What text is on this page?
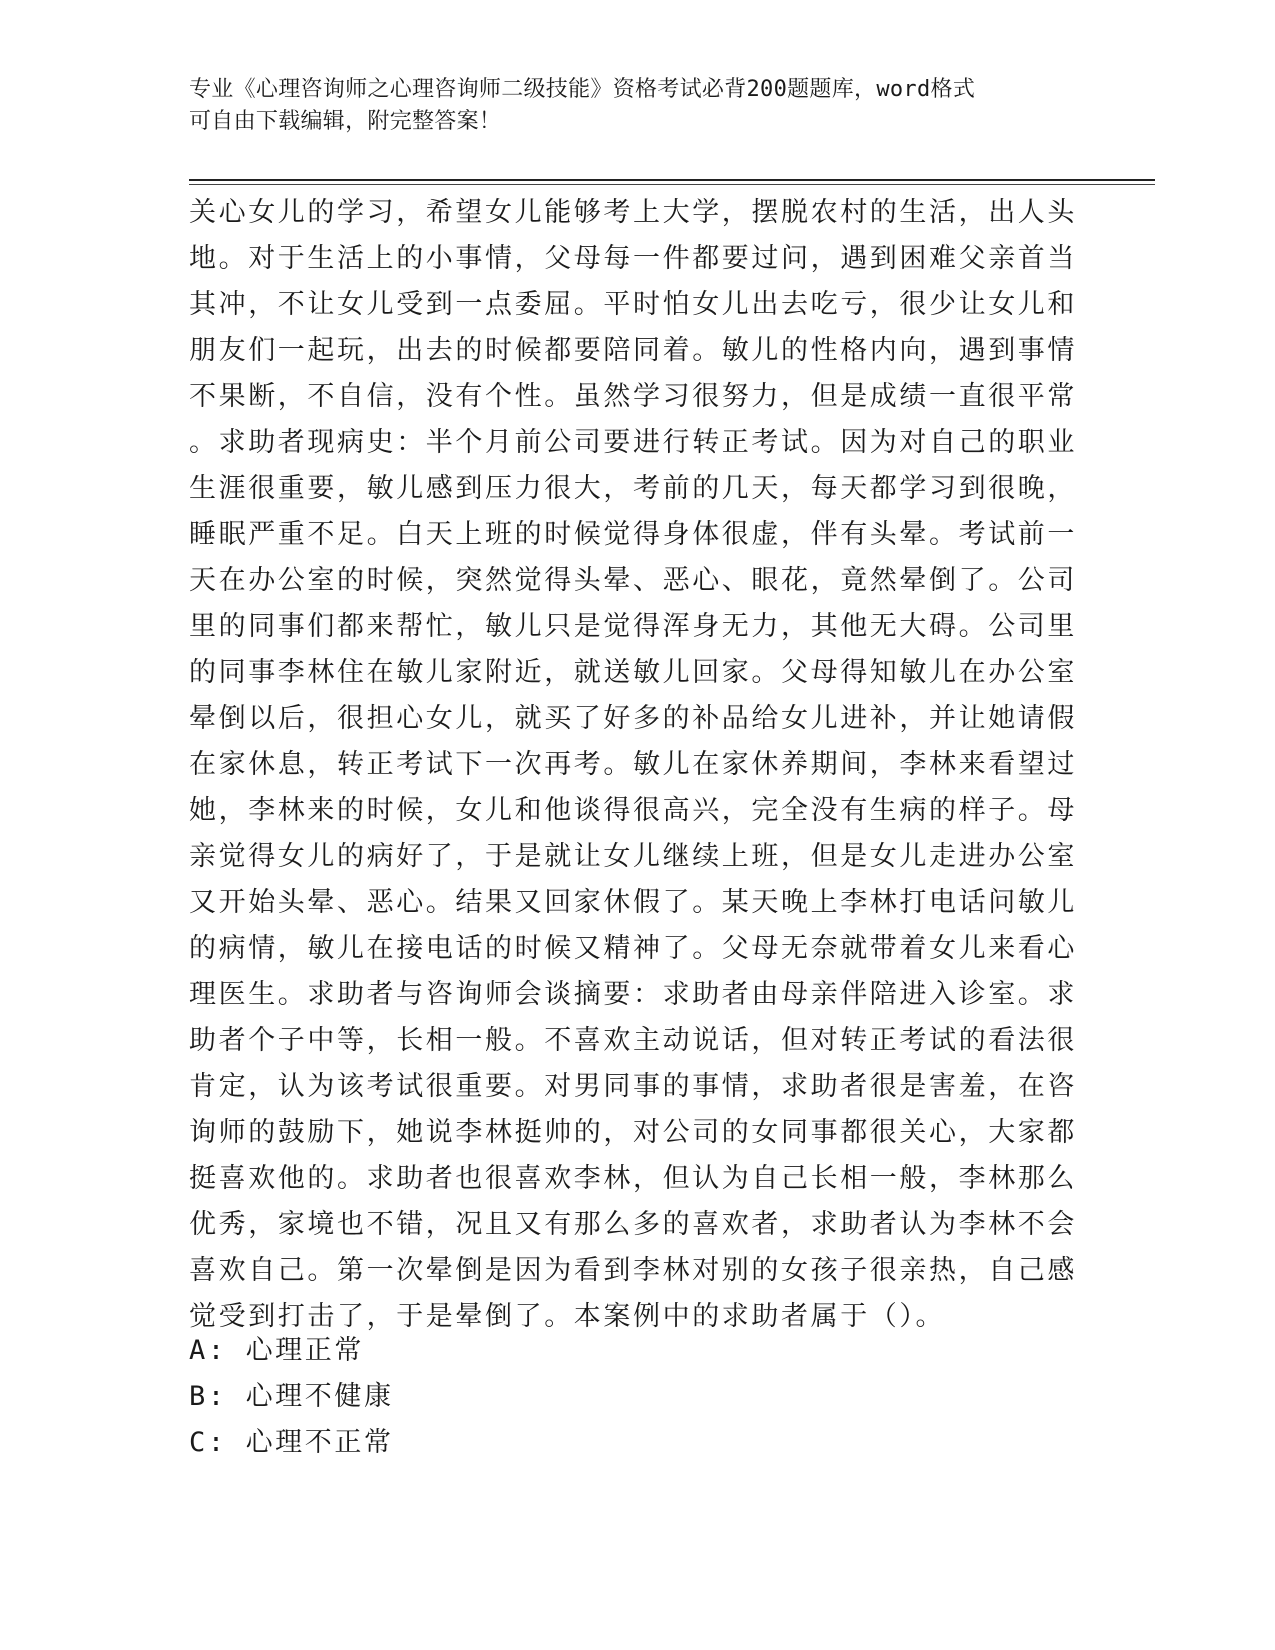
专业《心理咨询师之心理咨询师二级技能》资格考试必背200题题库，word格式
可自由下载编辑，附完整答案！
关心女儿的学习，希望女儿能够考上大学，摆脱农村的生活，出人头
地。对于生活上的小事情，父母每一件都要过问，遇到困难父亲首当
其冲，不让女儿受到一点委屈。平时怕女儿出去吃亏，很少让女儿和
朋友们一起玩，出去的时候都要陪同着。敏儿的性格内向，遇到事情
不果断，不自信，没有个性。虽然学习很努力，但是成绩一直很平常
。求助者现病史：半个月前公司要进行转正考试。因为对自己的职业
生涯很重要，敏儿感到压力很大，考前的几天，每天都学习到很晚，
睡眠严重不足。白天上班的时候觉得身体很虚，伴有头晕。考试前一
天在办公室的时候，突然觉得头晕、恶心、眼花，竟然晕倒了。公司
里的同事们都来帮忙，敏儿只是觉得浑身无力，其他无大碍。公司里
的同事李林住在敏儿家附近，就送敏儿回家。父母得知敏儿在办公室
晕倒以后，很担心女儿，就买了好多的补品给女儿进补，并让她请假
在家休息，转正考试下一次再考。敏儿在家休养期间，李林来看望过
她，李林来的时候，女儿和他谈得很高兴，完全没有生病的样子。母
亲觉得女儿的病好了，于是就让女儿继续上班，但是女儿走进办公室
又开始头晕、恶心。结果又回家休假了。某天晚上李林打电话问敏儿
的病情，敏儿在接电话的时候又精神了。父母无奈就带着女儿来看心
理医生。求助者与咨询师会谈摘要：求助者由母亲伴陪进入诊室。求
助者个子中等，长相一般。不喜欢主动说话，但对转正考试的看法很
肯定，认为该考试很重要。对男同事的事情，求助者很是害羞，在咨
询师的鼓励下，她说李林挺帅的，对公司的女同事都很关心，大家都
挺喜欢他的。求助者也很喜欢李林，但认为自己长相一般，李林那么
优秀，家境也不错，况且又有那么多的喜欢者，求助者认为李林不会
喜欢自己。第一次晕倒是因为看到李林对别的女孩子很亲热，自己感
觉受到打击了，于是晕倒了。本案例中的求助者属于（）。
A: 心理正常
B: 心理不健康
C: 心理不正常
